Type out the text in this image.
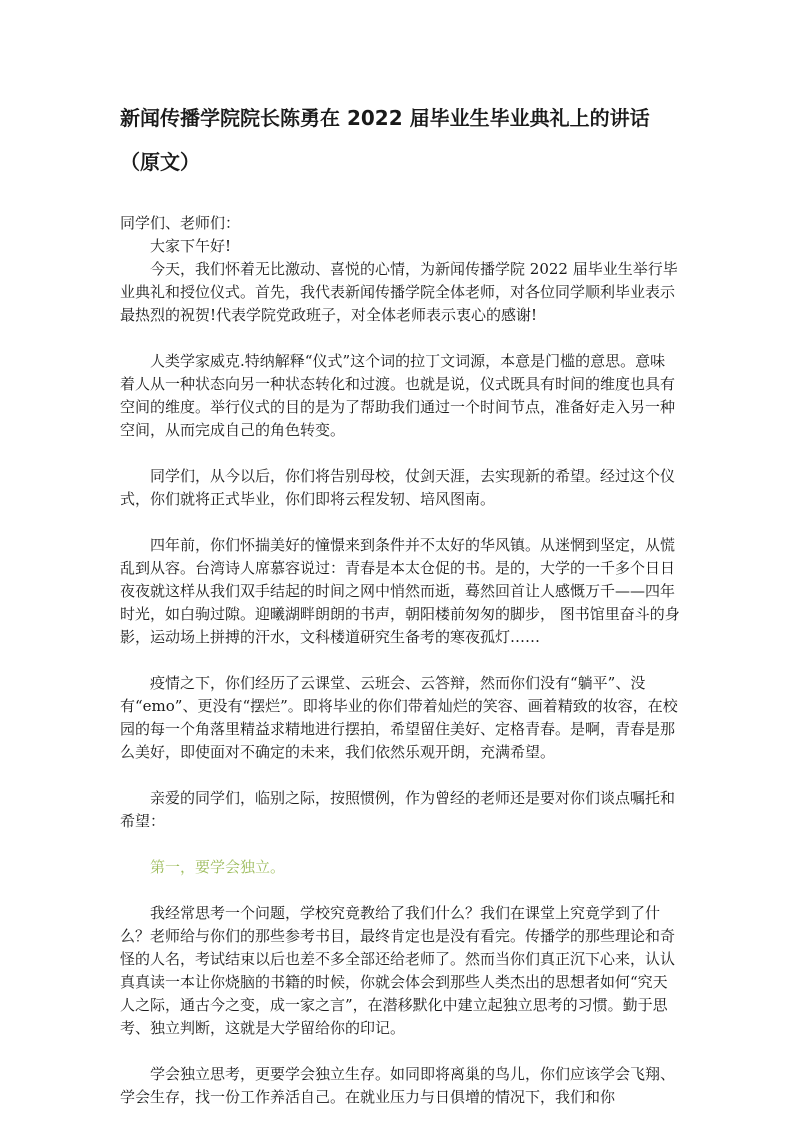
新闻传播学院院长陈勇在 2022 届毕业生毕业典礼上的讲话（原文）

同学们、老师们：

大家下午好!

今天，我们怀着无比激动、喜悦的心情，为新闻传播学院 2022 届毕业生举行毕业典礼和授位仪式。首先，我代表新闻传播学院全体老师，对各位同学顺利毕业表示最热烈的祝贺!代表学院党政班子，对全体老师表示衷心的感谢!

人类学家威克.特纳解释“仪式”这个词的拉丁文词源，本意是门槛的意思。意味着人从一种状态向另一种状态转化和过渡。也就是说，仪式既具有时间的维度也具有空间的维度。举行仪式的目的是为了帮助我们通过一个时间节点，准备好走入另一种空间，从而完成自己的角色转变。

同学们，从今以后，你们将告别母校，仗剑天涯，去实现新的希望。经过这个仪式，你们就将正式毕业，你们即将云程发轫、培风图南。

四年前，你们怀揣美好的憧憬来到条件并不太好的华风镇。从迷惘到坚定，从慌乱到从容。台湾诗人席慕容说过：青春是本太仓促的书。是的，大学的一千多个日日夜夜就这样从我们双手结起的时间之网中悄然而逝，蓦然回首让人感慨万千——四年时光，如白驹过隙。迎曦湖畔朗朗的书声，朝阳楼前匆匆的脚步， 图书馆里奋斗的身影，运动场上拼搏的汗水，文科楼道研究生备考的寒夜孤灯……

疫情之下，你们经历了云课堂、云班会、云答辩，然而你们没有“躺平”、没有“emo”、更没有“摆烂”。即将毕业的你们带着灿烂的笑容、画着精致的妆容，在校园的每一个角落里精益求精地进行摆拍，希望留住美好、定格青春。是啊，青春是那么美好，即使面对不确定的未来，我们依然乐观开朗，充满希望。

亲爱的同学们，临别之际，按照惯例，作为曾经的老师还是要对你们谈点嘱托和希望：

第一，要学会独立。

我经常思考一个问题，学校究竟教给了我们什么？我们在课堂上究竟学到了什么？老师给与你们的那些参考书目，最终肯定也是没有看完。传播学的那些理论和奇怪的人名，考试结束以后也差不多全部还给老师了。然而当你们真正沉下心来，认认真真读一本让你烧脑的书籍的时候，你就会体会到那些人类杰出的思想者如何“究天人之际，通古今之变，成一家之言”，在潜移默化中建立起独立思考的习惯。勤于思考、独立判断，这就是大学留给你的印记。

学会独立思考，更要学会独立生存。如同即将离巢的鸟儿，你们应该学会飞翔、学会生存，找一份工作养活自己。在就业压力与日俱增的情况下，我们和你
